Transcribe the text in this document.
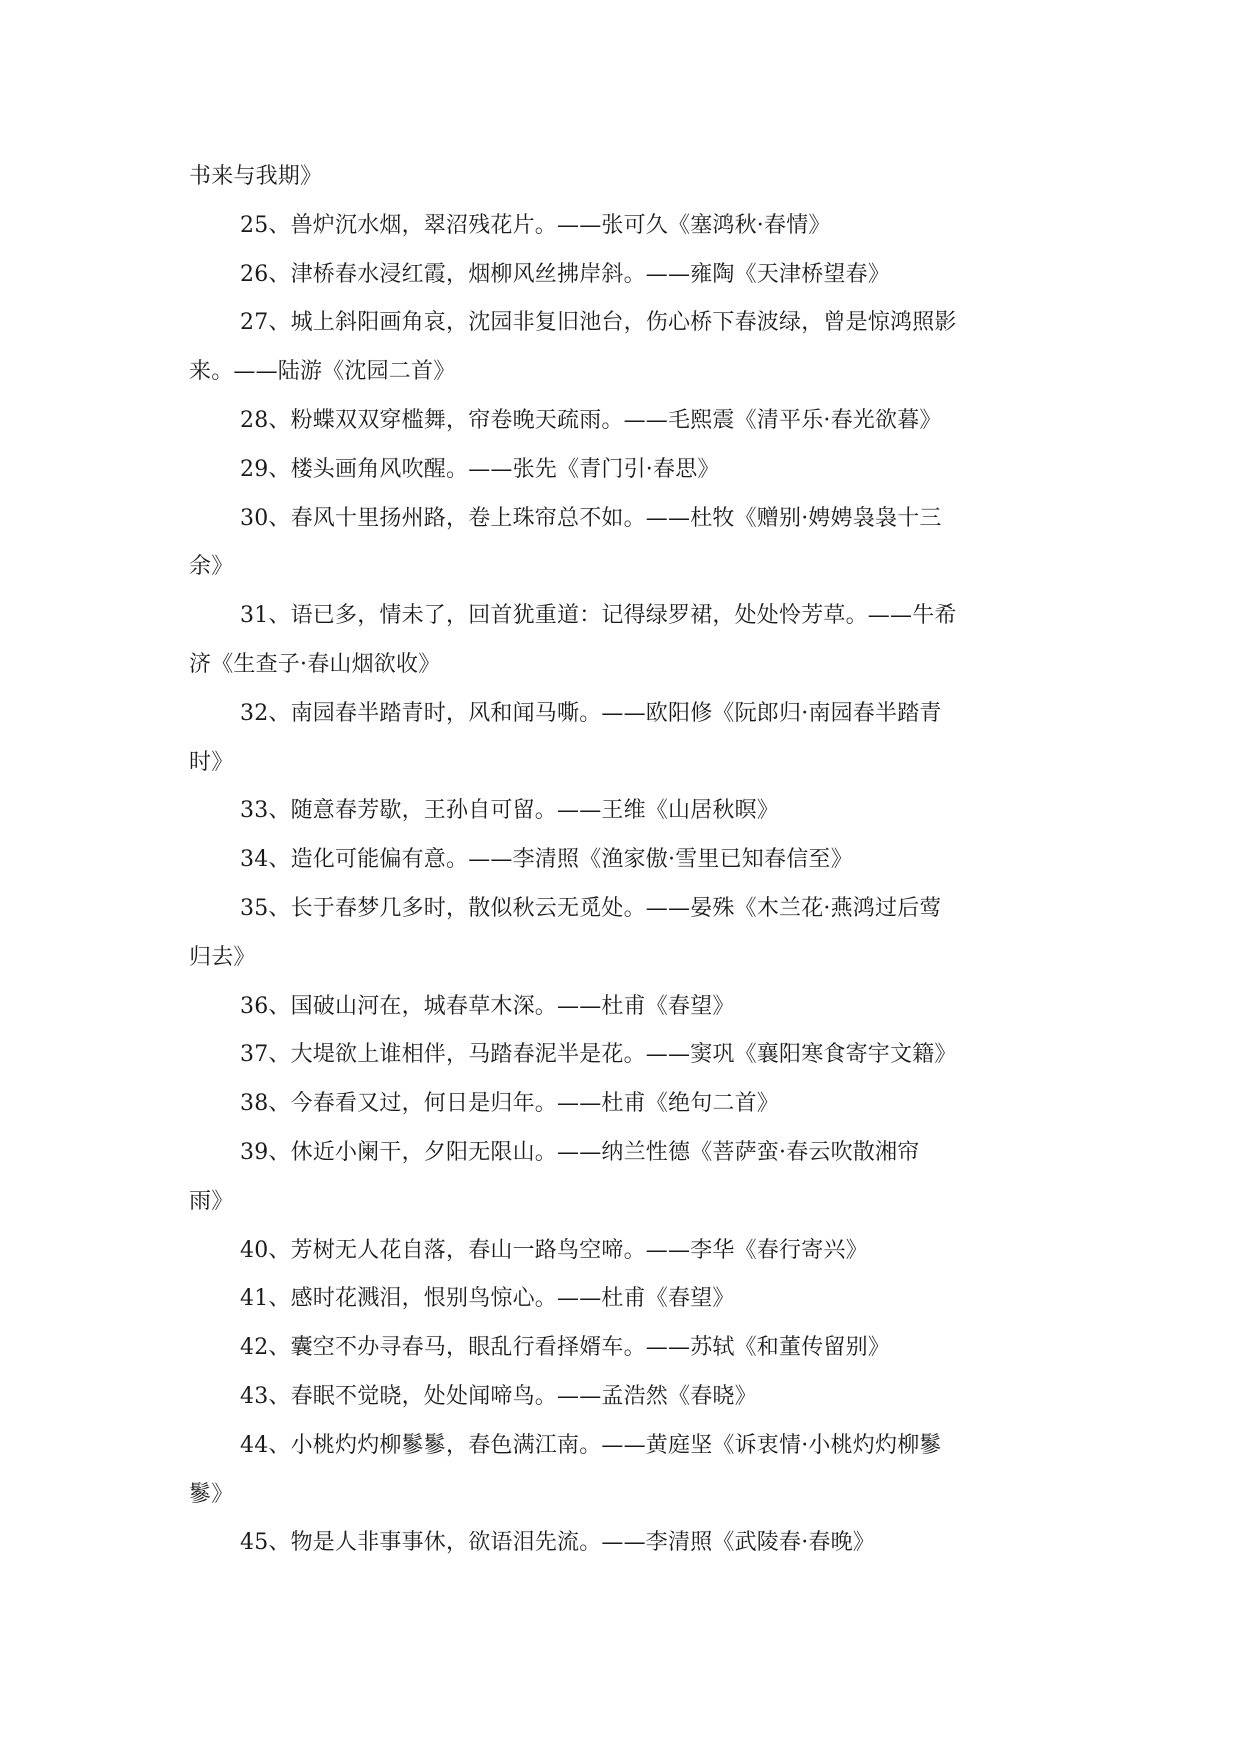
书来与我期》
25、兽炉沉水烟，翠沼残花片。——张可久《塞鸿秋·春情》
26、津桥春水浸红霞，烟柳风丝拂岸斜。——雍陶《天津桥望春》
27、城上斜阳画角哀，沈园非复旧池台，伤心桥下春波绿，曾是惊鸿照影
来。——陆游《沈园二首》
28、粉蝶双双穿槛舞，帘卷晚天疏雨。——毛熙震《清平乐·春光欲暮》
29、楼头画角风吹醒。——张先《青门引·春思》
30、春风十里扬州路，卷上珠帘总不如。——杜牧《赠别·娉娉袅袅十三
余》
31、语已多，情未了，回首犹重道：记得绿罗裙，处处怜芳草。——牛希
济《生查子·春山烟欲收》
32、南园春半踏青时，风和闻马嘶。——欧阳修《阮郎归·南园春半踏青
时》
33、随意春芳歇，王孙自可留。——王维《山居秋暝》
34、造化可能偏有意。——李清照《渔家傲·雪里已知春信至》
35、长于春梦几多时，散似秋云无觅处。——晏殊《木兰花·燕鸿过后莺
归去》
36、国破山河在，城春草木深。——杜甫《春望》
37、大堤欲上谁相伴，马踏春泥半是花。——窦巩《襄阳寒食寄宇文籍》
38、今春看又过，何日是归年。——杜甫《绝句二首》
39、休近小阑干，夕阳无限山。——纳兰性德《菩萨蛮·春云吹散湘帘
雨》
40、芳树无人花自落，春山一路鸟空啼。——李华《春行寄兴》
41、感时花溅泪，恨别鸟惊心。——杜甫《春望》
42、囊空不办寻春马，眼乱行看择婿车。——苏轼《和董传留别》
43、春眠不觉晓，处处闻啼鸟。——孟浩然《春晓》
44、小桃灼灼柳鬖鬖，春色满江南。——黄庭坚《诉衷情·小桃灼灼柳鬖
鬖》
45、物是人非事事休，欲语泪先流。——李清照《武陵春·春晚》
